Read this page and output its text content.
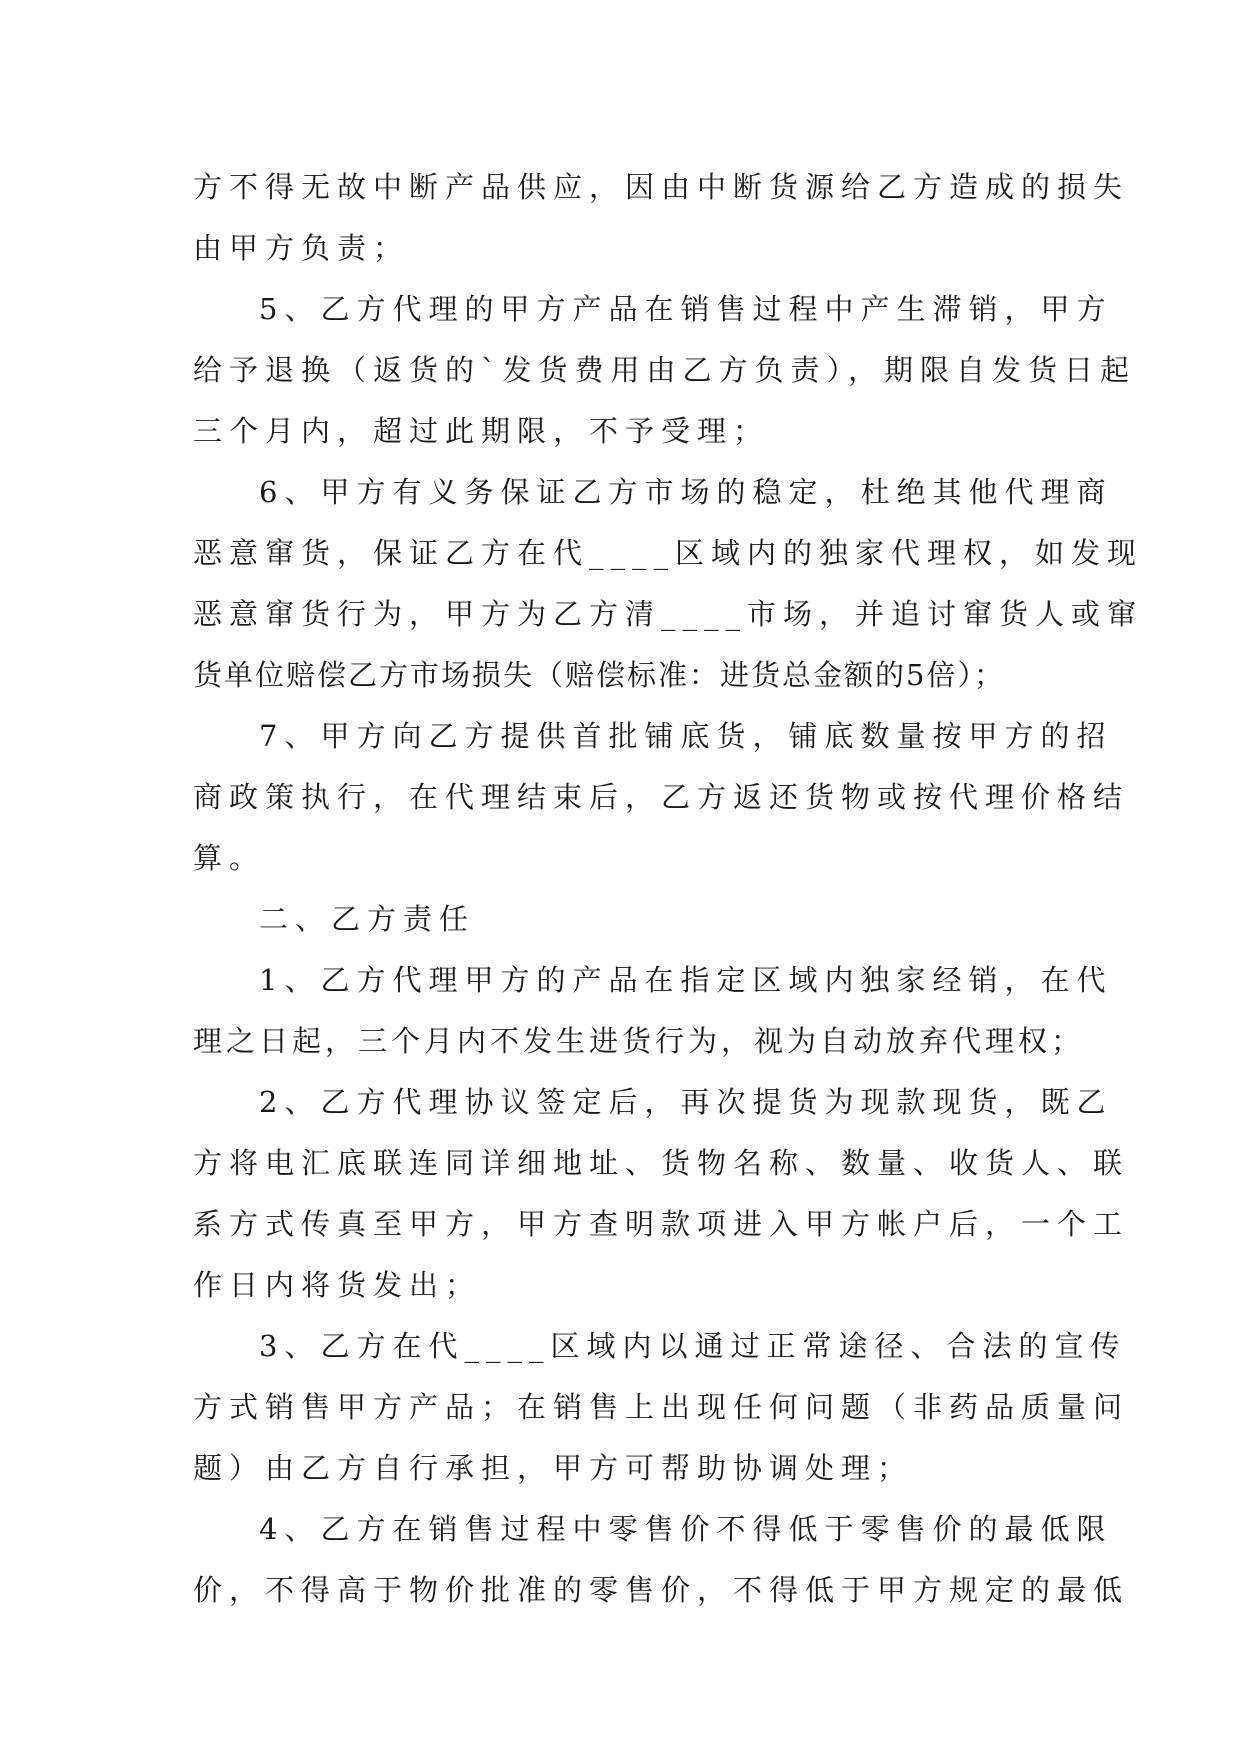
方不得无故中断产品供应，因由中断货源给乙方造成的损失
由甲方负责；

5、乙方代理的甲方产品在销售过程中产生滞销，甲方
给予退换（返货的`发货费用由乙方负责），期限自发货日起
三个月内，超过此期限，不予受理；

6、甲方有义务保证乙方市场的稳定，杜绝其他代理商
恶意窜货，保证乙方在代____区域内的独家代理权，如发现
恶意窜货行为，甲方为乙方清____市场，并追讨窜货人或窜
货单位赔偿乙方市场损失（赔偿标准：进货总金额的5倍）；

7、甲方向乙方提供首批铺底货，铺底数量按甲方的招
商政策执行，在代理结束后，乙方返还货物或按代理价格结
算。

二、乙方责任

1、乙方代理甲方的产品在指定区域内独家经销，在代
理之日起，三个月内不发生进货行为，视为自动放弃代理权；

2、乙方代理协议签定后，再次提货为现款现货，既乙
方将电汇底联连同详细地址、货物名称、数量、收货人、联
系方式传真至甲方，甲方查明款项进入甲方帐户后，一个工
作日内将货发出；

3、乙方在代____区域内以通过正常途径、合法的宣传
方式销售甲方产品；在销售上出现任何问题（非药品质量问
题）由乙方自行承担，甲方可帮助协调处理；

4、乙方在销售过程中零售价不得低于零售价的最低限
价，不得高于物价批准的零售价，不得低于甲方规定的最低
